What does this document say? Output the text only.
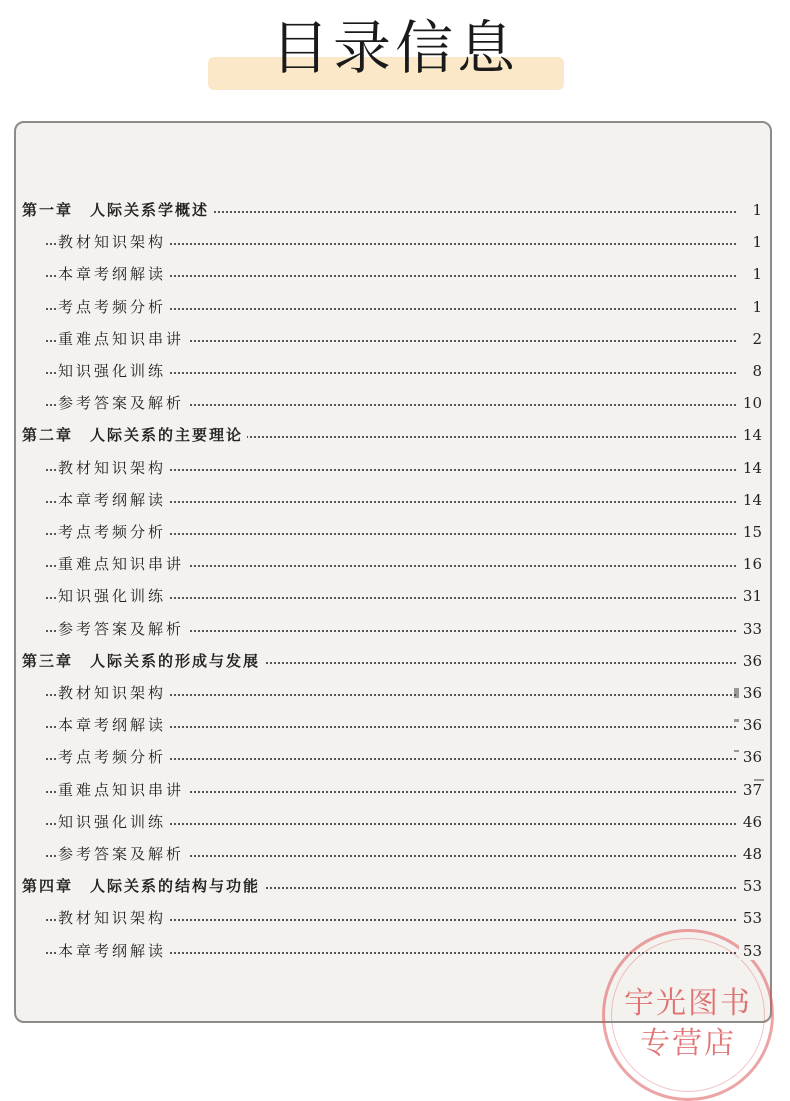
目录信息
第一章　人际关系学概述	1
教材知识架构	1
本章考纲解读	1
考点考频分析	1
重难点知识串讲	2
知识强化训练	8
参考答案及解析	10
第二章　人际关系的主要理论	14
教材知识架构	14
本章考纲解读	14
考点考频分析	15
重难点知识串讲	16
知识强化训练	31
参考答案及解析	33
第三章　人际关系的形成与发展	36
教材知识架构	36
本章考纲解读	36
考点考频分析	36
重难点知识串讲	37
知识强化训练	46
参考答案及解析	48
第四章　人际关系的结构与功能	53
教材知识架构	53
本章考纲解读	53
宇光图书
专营店
